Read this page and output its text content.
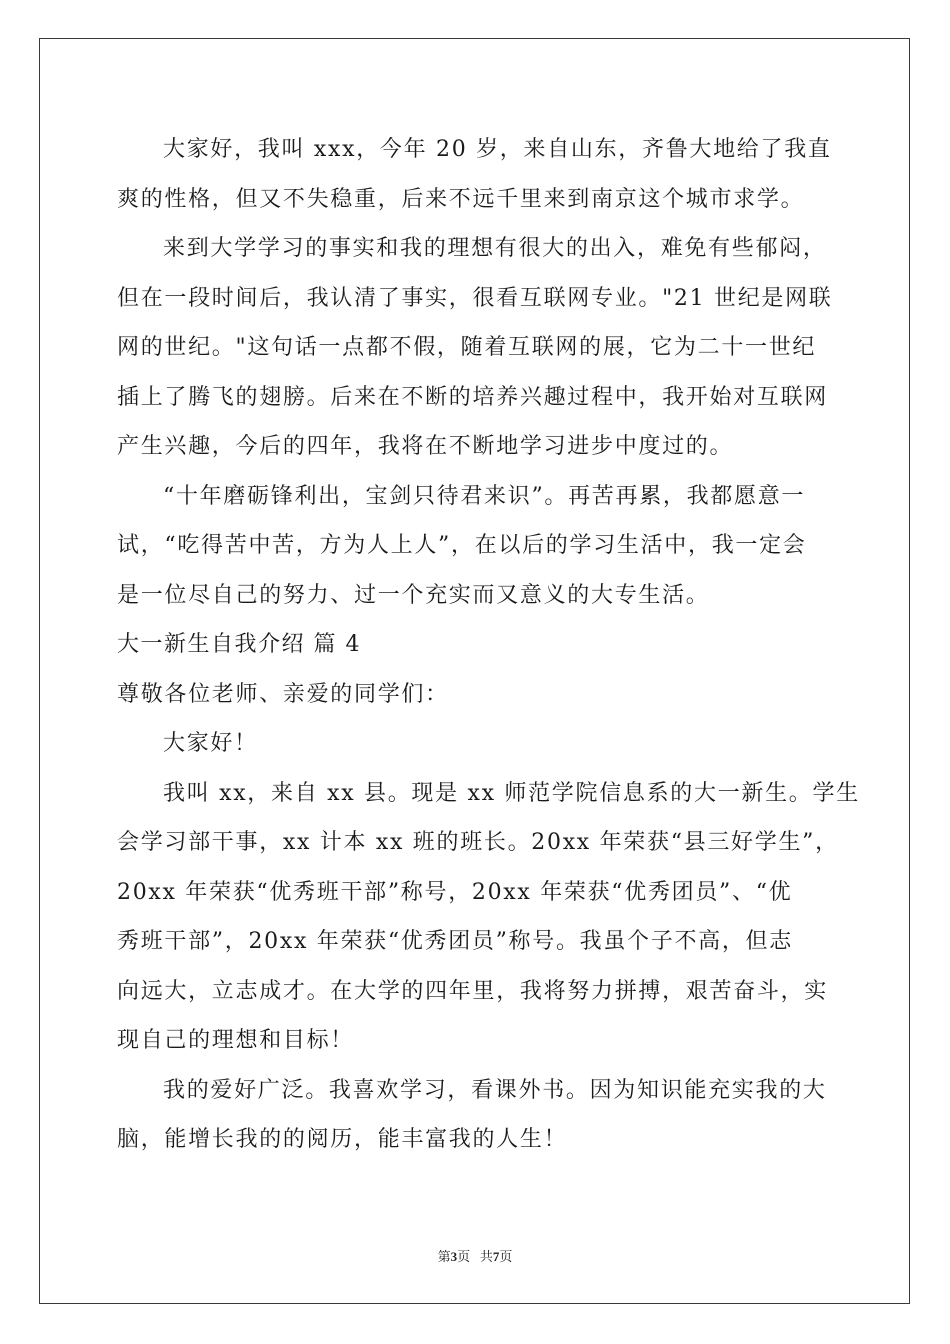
大家好，我叫 xxx，今年 20 岁，来自山东，齐鲁大地给了我直
爽的性格，但又不失稳重，后来不远千里来到南京这个城市求学。
来到大学学习的事实和我的理想有很大的出入，难免有些郁闷，
但在一段时间后，我认清了事实，很看互联网专业。"21 世纪是网联
网的世纪。"这句话一点都不假，随着互联网的展，它为二十一世纪
插上了腾飞的翅膀。后来在不断的培养兴趣过程中，我开始对互联网
产生兴趣，今后的四年，我将在不断地学习进步中度过的。
“十年磨砺锋利出，宝剑只待君来识”。再苦再累，我都愿意一
试，“吃得苦中苦，方为人上人”，在以后的学习生活中，我一定会
是一位尽自己的努力、过一个充实而又意义的大专生活。
大一新生自我介绍 篇 4
尊敬各位老师、亲爱的同学们：
大家好！
我叫 xx，来自 xx 县。现是 xx 师范学院信息系的大一新生。学生
会学习部干事，xx 计本 xx 班的班长。20xx 年荣获“县三好学生”，
20xx 年荣获“优秀班干部”称号，20xx 年荣获“优秀团员”、“优
秀班干部”，20xx 年荣获“优秀团员”称号。我虽个子不高，但志
向远大，立志成才。在大学的四年里，我将努力拼搏，艰苦奋斗，实
现自己的理想和目标！
我的爱好广泛。我喜欢学习，看课外书。因为知识能充实我的大
脑，能增长我的的阅历，能丰富我的人生！
第3页 共7页
